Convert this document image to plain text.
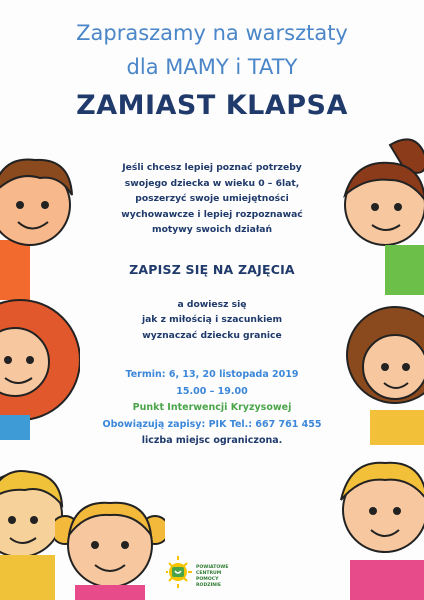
Zapraszamy na warsztaty
dla MAMY i TATY
ZAMIAST KLAPSA
Jeśli chcesz lepiej poznać potrzeby
swojego dziecka w wieku 0 – 6lat,
poszerzyć swoje umiejętności
wychowawcze i lepiej rozpoznawać
motywy swoich działań
ZAPISZ SIĘ NA ZAJĘCIA
a dowiesz się
jak z miłością i szacunkiem
wyznaczać dziecku granice
Termin: 6, 13, 20 listopada 2019
15.00 – 19.00
Punkt Interwencji Kryzysowej
Obowiązują zapisy: PIK Tel.: 667 761 455
liczba miejsc ograniczona.
POWIATOWE
CENTRUM
POMOCY
RODZINIE
